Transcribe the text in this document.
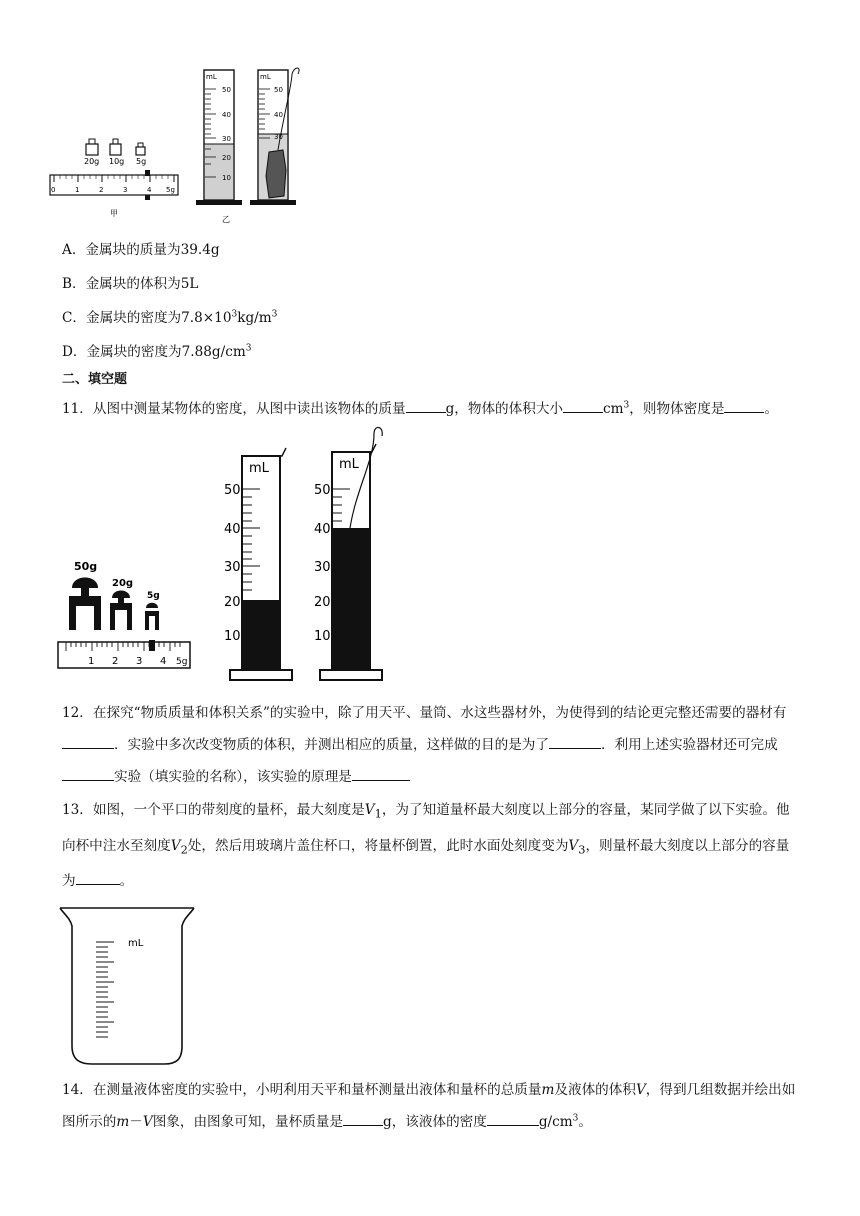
20g 10g 5g
0	1	2	3	4 5g
甲
mL
50
40
30
20
10
mL
50
40
30
乙
A．金属块的质量为39.4g
B．金属块的体积为5L
C．金属块的密度为$7.8\times 10^3kg/m^3$
D．金属块的密度为$7.88g/cm^3$
二、填空题
11．从图中测量某物体的密度，从图中读出该物体的质量	g，物体的体积大小	$cm^3$，则物体密度是	。
50g
20g
5g
1 2 3 4 5g
mL
50
40
30
20
10
mL
50
40
30
20
10
12．在探究“物质质量和体积关系”的实验中，除了用天平、量筒、水这些器材外，为使得到的结论更完整还需要的器材有．实验中多次改变物质的体积，并测出相应的质量，这样做的目的是为了	．利用上述实验器材还可完成实验（填实验的名称），该实验的原理是
13．如图，一个平口的带刻度的量杯，最大刻度是$V_1$，为了知道量杯最大刻度以上部分的容量，某同学做了以下实验。他向杯中注水至刻度$V_2$处，然后用玻璃片盖住杯口，将量杯倒置，此时水面处刻度变为$V_3$，则量杯最大刻度以上部分的容量为	。
mL
14．在测量液体密度的实验中，小明利用天平和量杯测量出液体和量杯的总质量m及液体的体积V，得到几组数据并绘出如图所示的m－V图象，由图象可知，量杯质量是	g，该液体的密度	$g/cm^3$。
